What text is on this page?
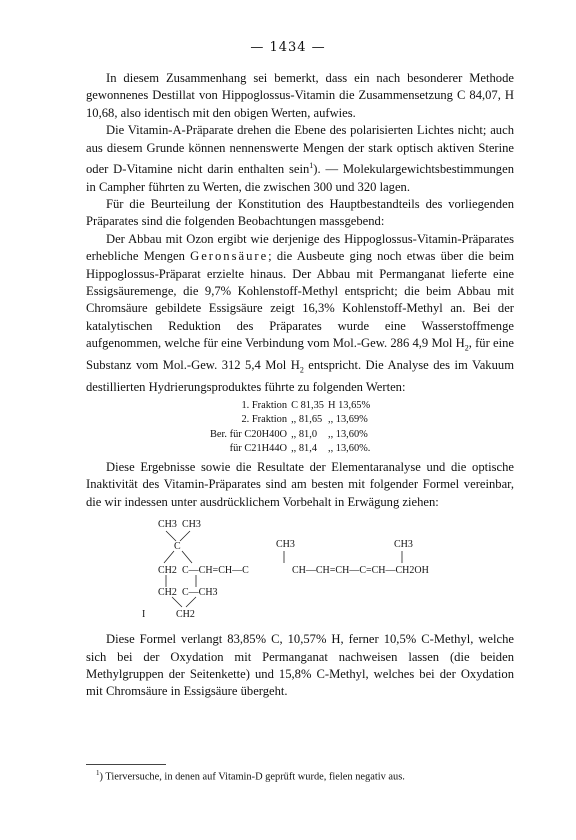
— 1434 —

In diesem Zusammenhang sei bemerkt, dass ein nach besonderer Methode gewonnenes Destillat von Hippoglossus-Vitamin die Zusammensetzung C 84,07, H 10,68, also identisch mit den obigen Werten, aufwies.

Die Vitamin-A-Präparate drehen die Ebene des polarisierten Lichtes nicht; auch aus diesem Grunde können nennenswerte Mengen der stark optisch aktiven Sterine oder D-Vitamine nicht darin enthalten sein$^1$). — Molekulargewichtsbestimmungen in Campher führten zu Werten, die zwischen 300 und 320 lagen.

Für die Beurteilung der Konstitution des Hauptbestandteils des vorliegenden Präparates sind die folgenden Beobachtungen massgebend:

Der Abbau mit Ozon ergibt wie derjenige des Hippoglossus-Vitamin-Präparates erhebliche Mengen Geronsäure; die Ausbeute ging noch etwas über die beim Hippoglossus-Präparat erzielte hinaus. Der Abbau mit Permanganat lieferte eine Essigsäuremenge, die 9,7% Kohlenstoff-Methyl entspricht; die beim Abbau mit Chromsäure gebildete Essigsäure zeigt 16,3% Kohlenstoff-Methyl an. Bei der katalytischen Reduktion des Präparates wurde eine Wasserstoffmenge aufgenommen, welche für eine Verbindung vom Mol.-Gew. 286 4,9 Mol $H_2$, für eine Substanz vom Mol.-Gew. 312 5,4 Mol $H_2$ entspricht. Die Analyse des im Vakuum destillierten Hydrierungsproduktes führte zu folgenden Werten:

1. Fraktion	C 81,35	H 13,65%
2. Fraktion	,, 81,65	,, 13,69%
Ber. für C20H40O	,, 81,0	,, 13,60%
für C21H44O	,, 81,4	,, 13,60%.

Diese Ergebnisse sowie die Resultate der Elementaranalyse und die optische Inaktivität des Vitamin-Präparates sind am besten mit folgender Formel vereinbar, die wir indessen unter ausdrücklichem Vorbehalt in Erwägung ziehen:

CH3 CH3
C
CH2 C—CH=CH—C
CH3
CH—CH=CH—C=CH—CH2OH
CH3
CH2 C—CH3
CH2
I

Diese Formel verlangt 83,85% C, 10,57% H, ferner 10,5% C-Methyl, welche sich bei der Oxydation mit Permanganat nachweisen lassen (die beiden Methylgruppen der Seitenkette) und 15,8% C-Methyl, welches bei der Oxydation mit Chromsäure in Essigsäure übergeht.

$^1$) Tierversuche, in denen auf Vitamin-D geprüft wurde, fielen negativ aus.
